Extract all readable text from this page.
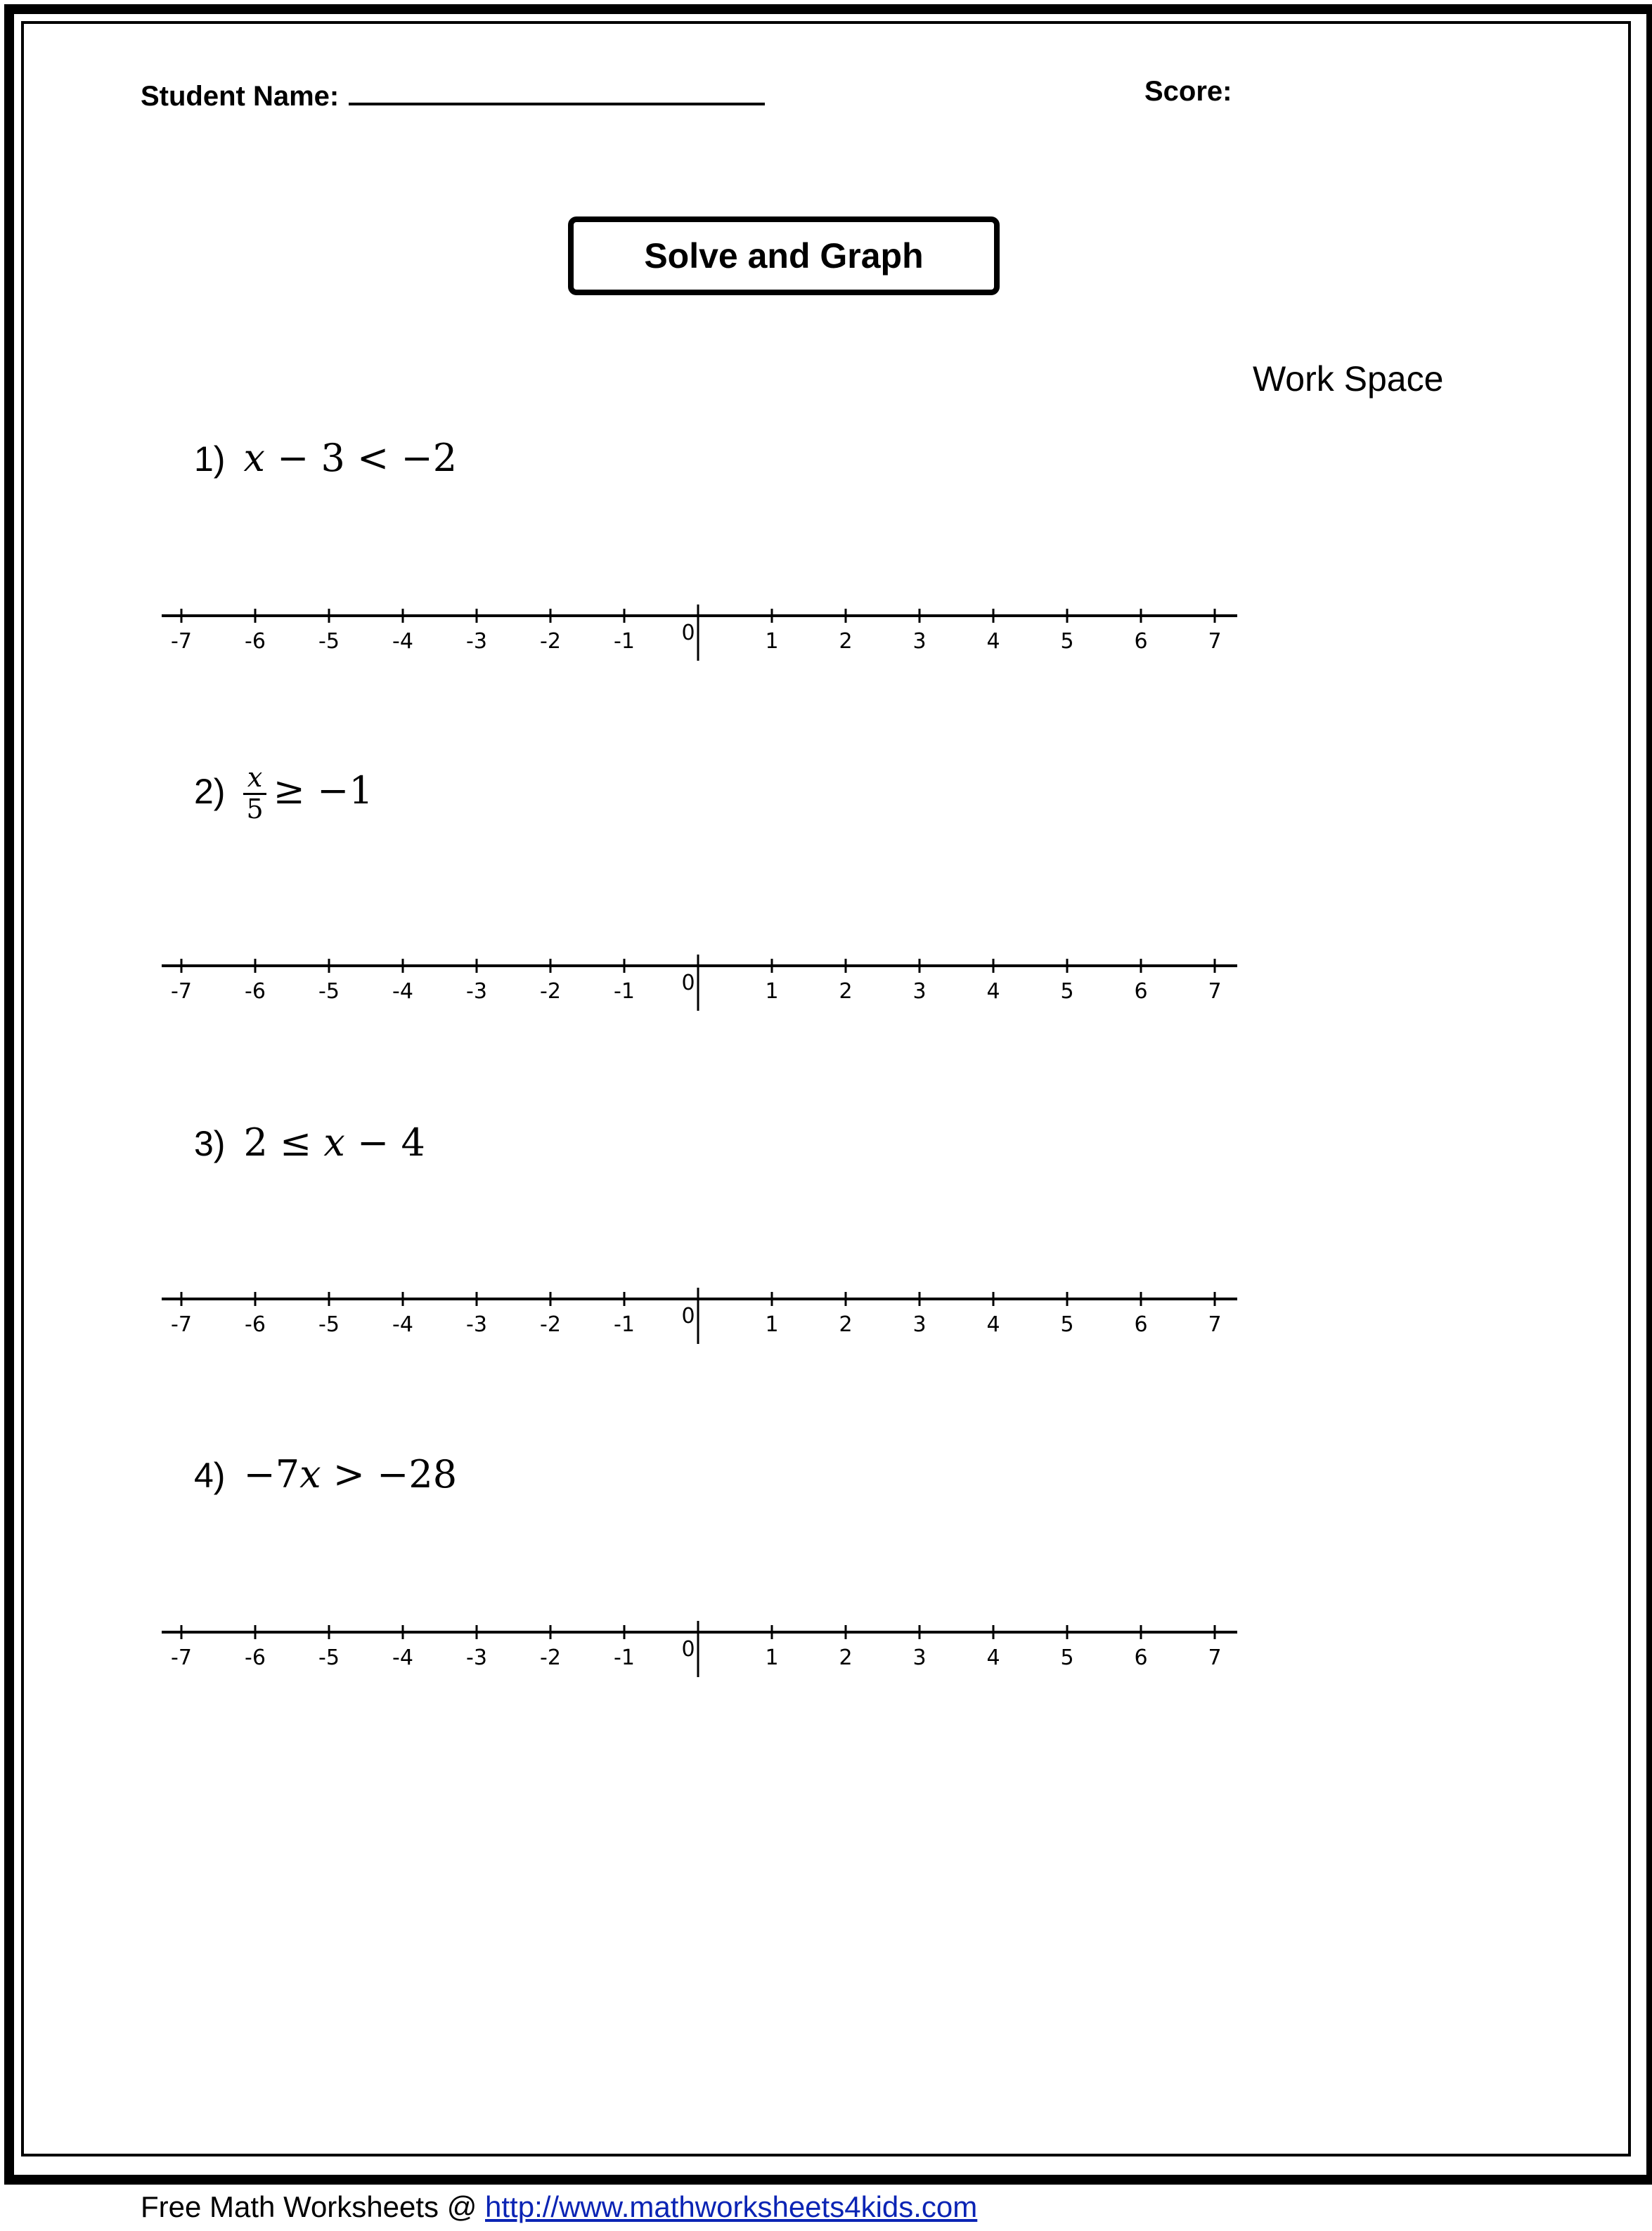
Student Name:	Score:
Solve and Graph
Work Space
1) x − 3 < −2
-7	-6	-5	-4	-3	-2	-1 0	1	2	3	4	5	6	7
$2) \frac{x}{5} \ge -1$
-7	-6	-5	-4	-3	-2	-1 0	1	2	3	4	5	6	7
3) 2 ≤ x − 4
-7	-6	-5	-4	-3	-2	-1 0	1	2	3	4	5	6	7
4) −7x > −28
-7	-6	-5	-4	-3	-2	-1 0	1	2	3	4	5	6	7
Free Math Worksheets @ http://www.mathworksheets4kids.com
